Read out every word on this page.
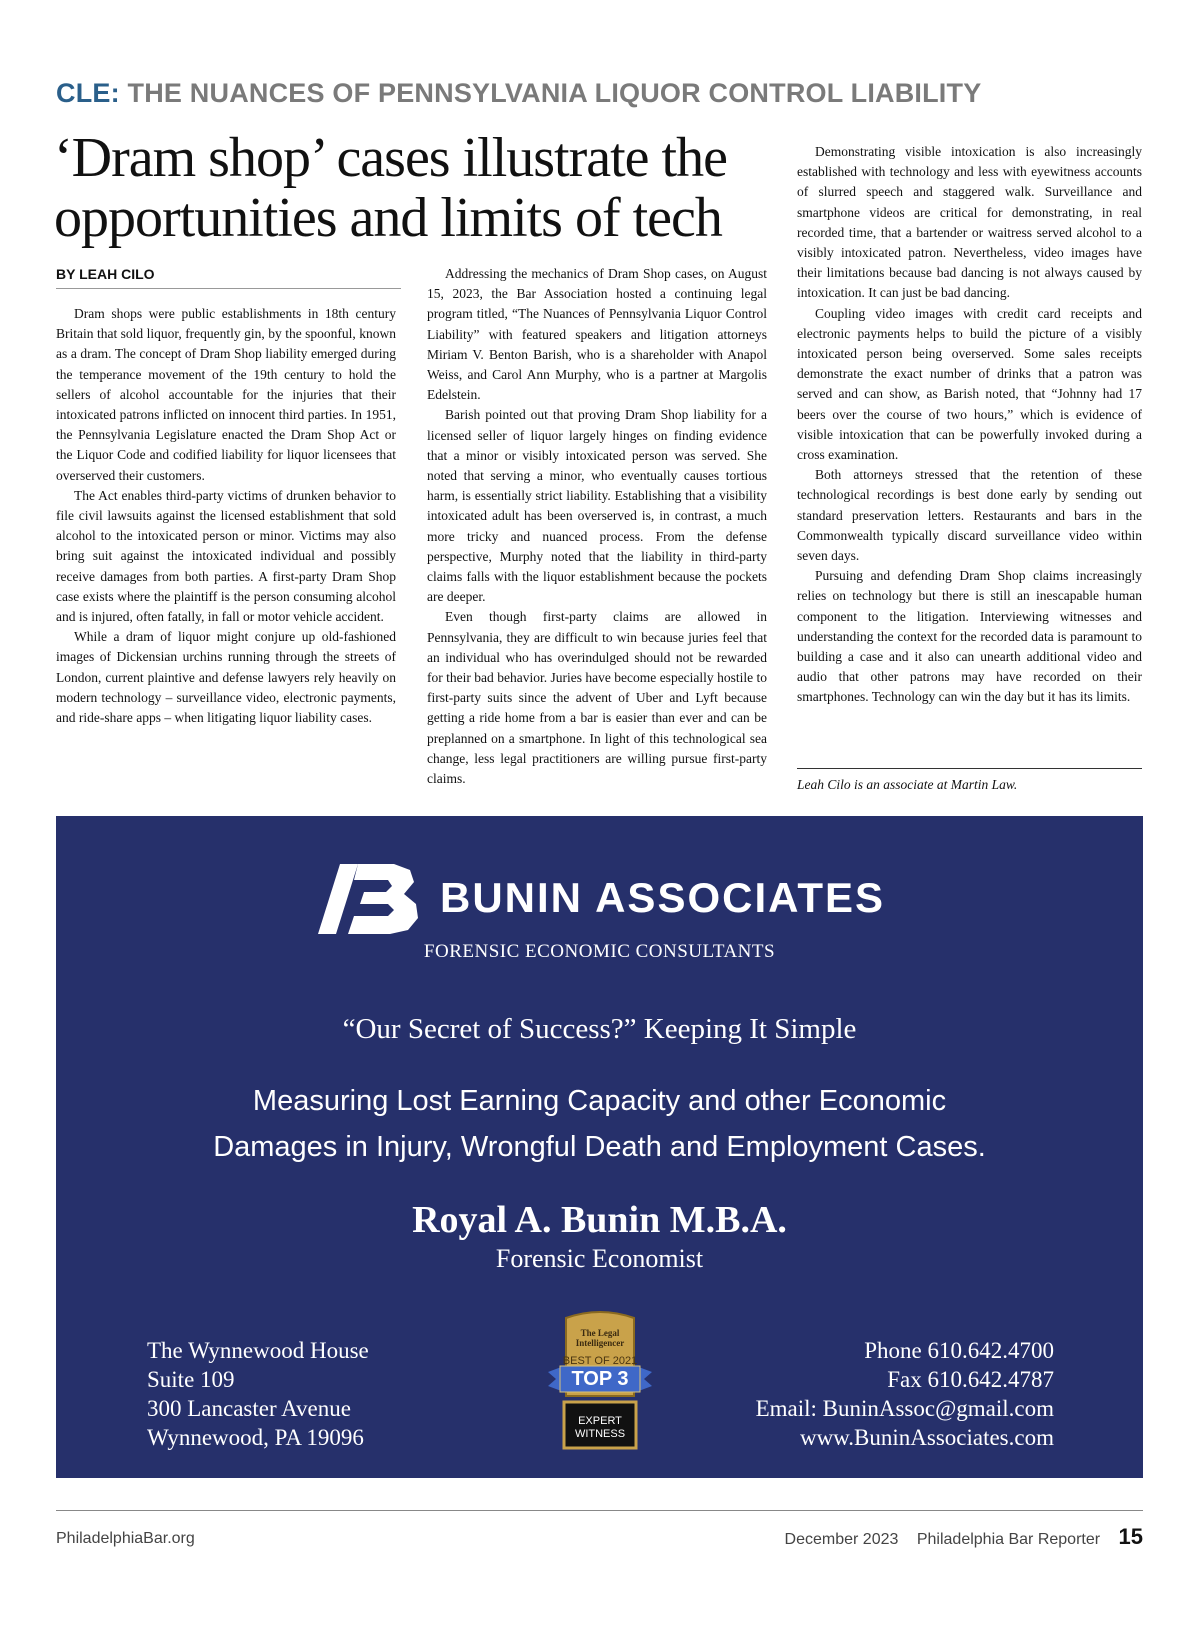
CLE: THE NUANCES OF PENNSYLVANIA LIQUOR CONTROL LIABILITY
‘Dram shop’ cases illustrate the
opportunities and limits of tech
BY LEAH CILO

Dram shops were public establishments in 18th century Britain that sold liquor, frequently gin, by the spoonful, known as a dram. The concept of Dram Shop liability emerged during the temperance movement of the 19th century to hold the sellers of alcohol accountable for the injuries that their intoxicated patrons inflicted on innocent third parties. In 1951, the Pennsylvania Legislature enacted the Dram Shop Act or the Liquor Code and codified liability for liquor licensees that overserved their customers.

The Act enables third-party victims of drunken behavior to file civil lawsuits against the licensed establishment that sold alcohol to the intoxicated person or minor. Victims may also bring suit against the intoxicated individual and possibly receive damages from both parties. A first-party Dram Shop case exists where the plaintiff is the person consuming alcohol and is injured, often fatally, in fall or motor vehicle accident.

While a dram of liquor might conjure up old-fashioned images of Dickensian urchins running through the streets of London, current plaintive and defense lawyers rely heavily on modern technology – surveillance video, electronic payments, and ride-share apps – when litigating liquor liability cases.

Addressing the mechanics of Dram Shop cases, on August 15, 2023, the Bar Association hosted a continuing legal program titled, “The Nuances of Pennsylvania Liquor Control Liability” with featured speakers and litigation attorneys Miriam V. Benton Barish, who is a shareholder with Anapol Weiss, and Carol Ann Murphy, who is a partner at Margolis Edelstein.

Barish pointed out that proving Dram Shop liability for a licensed seller of liquor largely hinges on finding evidence that a minor or visibly intoxicated person was served. She noted that serving a minor, who eventually causes tortious harm, is essentially strict liability. Establishing that a visibility intoxicated adult has been overserved is, in contrast, a much more tricky and nuanced process. From the defense perspective, Murphy noted that the liability in third-party claims falls with the liquor establishment because the pockets are deeper.

Even though first-party claims are allowed in Pennsylvania, they are difficult to win because juries feel that an individual who has overindulged should not be rewarded for their bad behavior. Juries have become especially hostile to first-party suits since the advent of Uber and Lyft because getting a ride home from a bar is easier than ever and can be preplanned on a smartphone. In light of this technological sea change, less legal practitioners are willing pursue first-party claims.

Demonstrating visible intoxication is also increasingly established with technology and less with eyewitness accounts of slurred speech and staggered walk. Surveillance and smartphone videos are critical for demonstrating, in real recorded time, that a bartender or waitress served alcohol to a visibly intoxicated patron. Nevertheless, video images have their limitations because bad dancing is not always caused by intoxication. It can just be bad dancing.

Coupling video images with credit card receipts and electronic payments helps to build the picture of a visibly intoxicated person being overserved. Some sales receipts demonstrate the exact number of drinks that a patron was served and can show, as Barish noted, that “Johnny had 17 beers over the course of two hours,” which is evidence of visible intoxication that can be powerfully invoked during a cross examination.

Both attorneys stressed that the retention of these technological recordings is best done early by sending out standard preservation letters. Restaurants and bars in the Commonwealth typically discard surveillance video within seven days.

Pursuing and defending Dram Shop claims increasingly relies on technology but there is still an inescapable human component to the litigation. Interviewing witnesses and understanding the context for the recorded data is paramount to building a case and it also can unearth additional video and audio that other patrons may have recorded on their smartphones. Technology can win the day but it has its limits.

Leah Cilo is an associate at Martin Law.
BUNIN ASSOCIATES
FORENSIC ECONOMIC CONSULTANTS
“Our Secret of Success?” Keeping It Simple
Measuring Lost Earning Capacity and other Economic
Damages in Injury, Wrongful Death and Employment Cases.
Royal A. Bunin M.B.A.
Forensic Economist
The Wynnewood House
Suite 109
300 Lancaster Avenue
Wynnewood, PA 19096
The Legal
Intelligencer
BEST OF 2021
TOP 3
EXPERT
WITNESS
Phone 610.642.4700
Fax 610.642.4787
Email: BuninAssoc@gmail.com
www.BuninAssociates.com
PhiladelphiaBar.org	December 2023 Philadelphia Bar Reporter 15
